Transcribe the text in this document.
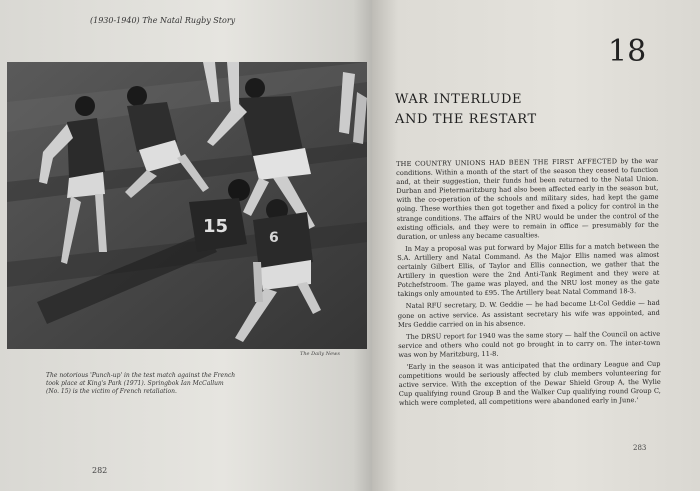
(1930-1940) The Natal Rugby Story
15
6
The Daily News
The notorious 'Punch-up' in the test match against the French took place at King's Park (1971). Springbok Ian McCallum (No. 15) is the victim of French retaliation.
282
18
WAR INTERLUDE
AND THE RESTART

THE COUNTRY UNIONS HAD BEEN THE FIRST AFFECTED by the war conditions. Within a month of the start of the season they ceased to function and, at their suggestion, their funds had been returned to the Natal Union. Durban and Pietermaritzburg had also been affected early in the season but, with the co-operation of the schools and military sides, had kept the game going. These worthies then got together and fixed a policy for control in the strange conditions. The affairs of the NRU would be under the control of the existing officials, and they were to remain in office — presumably for the duration, or unless any became casualties.

In May a proposal was put forward by Major Ellis for a match between the S.A. Artillery and Natal Command. As the Major Ellis named was almost certainly Gilbert Ellis, of Taylor and Ellis connection, we gather that the Artillery in question were the 2nd Anti-Tank Regiment and they were at Potchefstroom. The game was played, and the NRU lost money as the gate takings only amounted to £95. The Artillery beat Natal Command 18-3.

Natal RFU secretary, D. W. Geddie — he had become Lt-Col Geddie — had gone on active service. As assistant secretary his wife was appointed, and Mrs Geddie carried on in his absence.

The DRSU report for 1940 was the same story — half the Council on active service and others who could not go brought in to carry on. The inter-town was won by Maritzburg, 11-8.

'Early in the season it was anticipated that the ordinary League and Cup competitions would be seriously affected by club members volunteering for active service. With the exception of the Dewar Shield Group A, the Wylie Cup qualifying round Group B and the Walker Cup qualifying round Group C, which were completed, all competitions were abandoned early in June.'

283
